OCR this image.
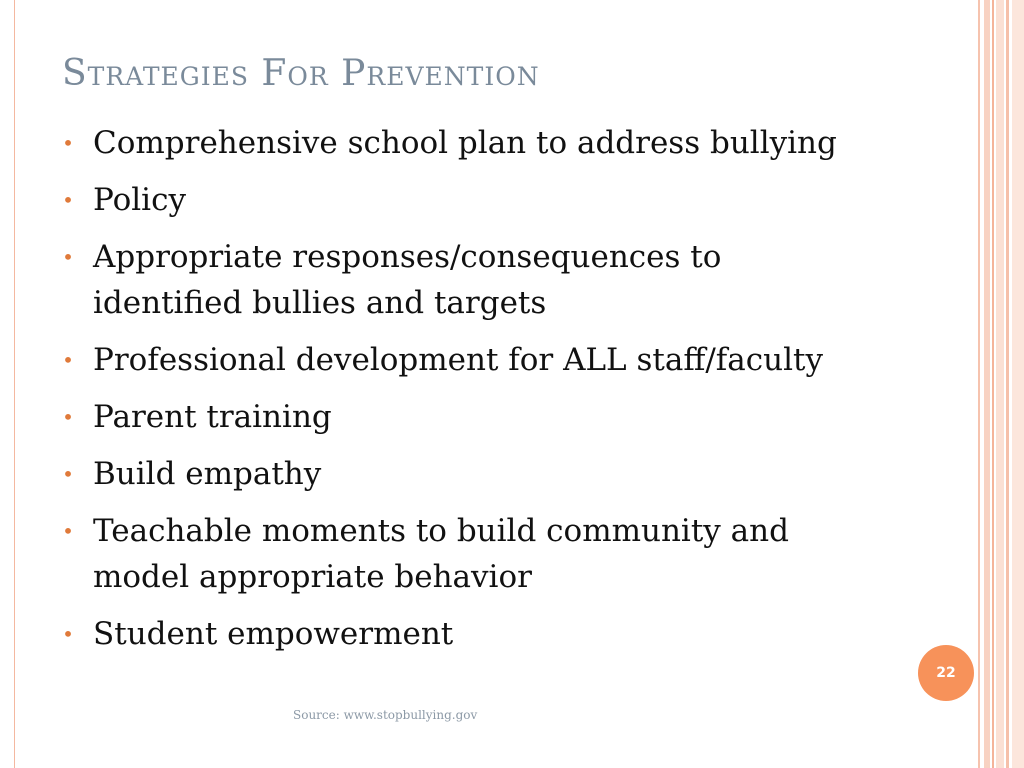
Strategies For Prevention
• Comprehensive school plan to address bullying
• Policy
• Appropriate responses/consequences to identified bullies and targets
• Professional development for ALL staff/faculty
• Parent training
• Build empathy
• Teachable moments to build community and model appropriate behavior
• Student empowerment
Source: www.stopbullying.gov
22
